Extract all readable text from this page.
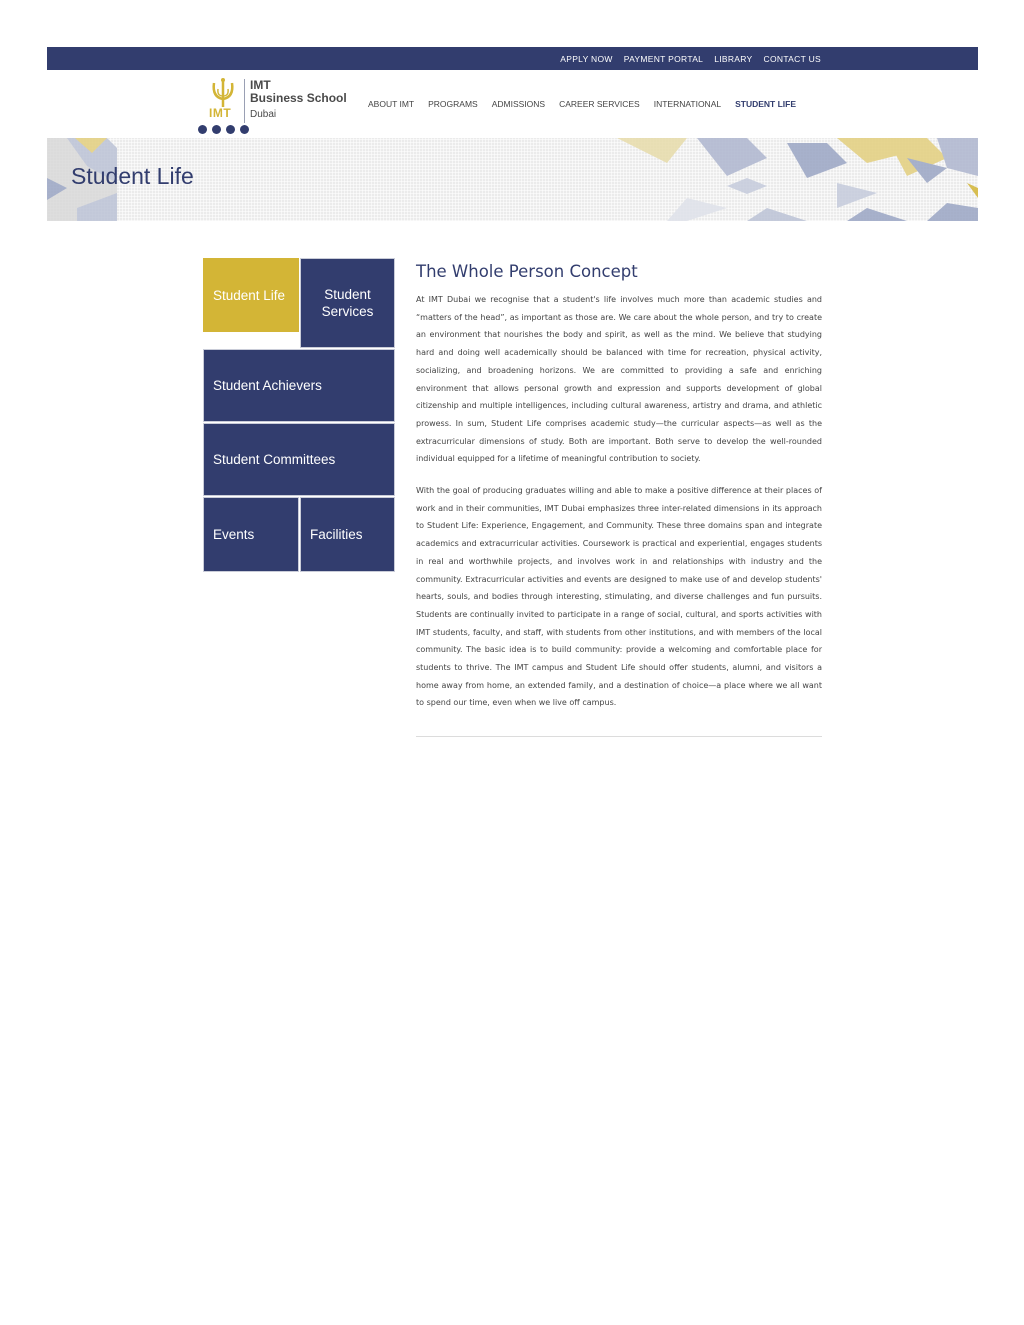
APPLY NOW PAYMENT PORTAL LIBRARY CONTACT US
IMT
IMT
Business School
Dubai
ABOUT IMT PROGRAMS ADMISSIONS CAREER SERVICES INTERNATIONAL STUDENT LIFE
Student Life
Student Life	Student Services
Student Achievers
Student Committees
Events	Facilities
The Whole Person Concept

At IMT Dubai we recognise that a student's life involves much more than academic studies and “matters of the head”, as important as those are. We care about the whole person, and try to create an environment that nourishes the body and spirit, as well as the mind. We believe that studying hard and doing well academically should be balanced with time for recreation, physical activity, socializing, and broadening horizons. We are committed to providing a safe and enriching environment that allows personal growth and expression and supports development of global citizenship and multiple intelligences, including cultural awareness, artistry and drama, and athletic prowess. In sum, Student Life comprises academic study—the curricular aspects—as well as the extracurricular dimensions of study. Both are important. Both serve to develop the well-rounded individual equipped for a lifetime of meaningful contribution to society.

With the goal of producing graduates willing and able to make a positive difference at their places of work and in their communities, IMT Dubai emphasizes three inter-related dimensions in its approach to Student Life: Experience, Engagement, and Community. These three domains span and integrate academics and extracurricular activities. Coursework is practical and experiential, engages students in real and worthwhile projects, and involves work in and relationships with industry and the community. Extracurricular activities and events are designed to make use of and develop students' hearts, souls, and bodies through interesting, stimulating, and diverse challenges and fun pursuits. Students are continually invited to participate in a range of social, cultural, and sports activities with IMT students, faculty, and staff, with students from other institutions, and with members of the local community. The basic idea is to build community: provide a welcoming and comfortable place for students to thrive. The IMT campus and Student Life should offer students, alumni, and visitors a home away from home, an extended family, and a destination of choice—a place where we all want to spend our time, even when we live off campus.
